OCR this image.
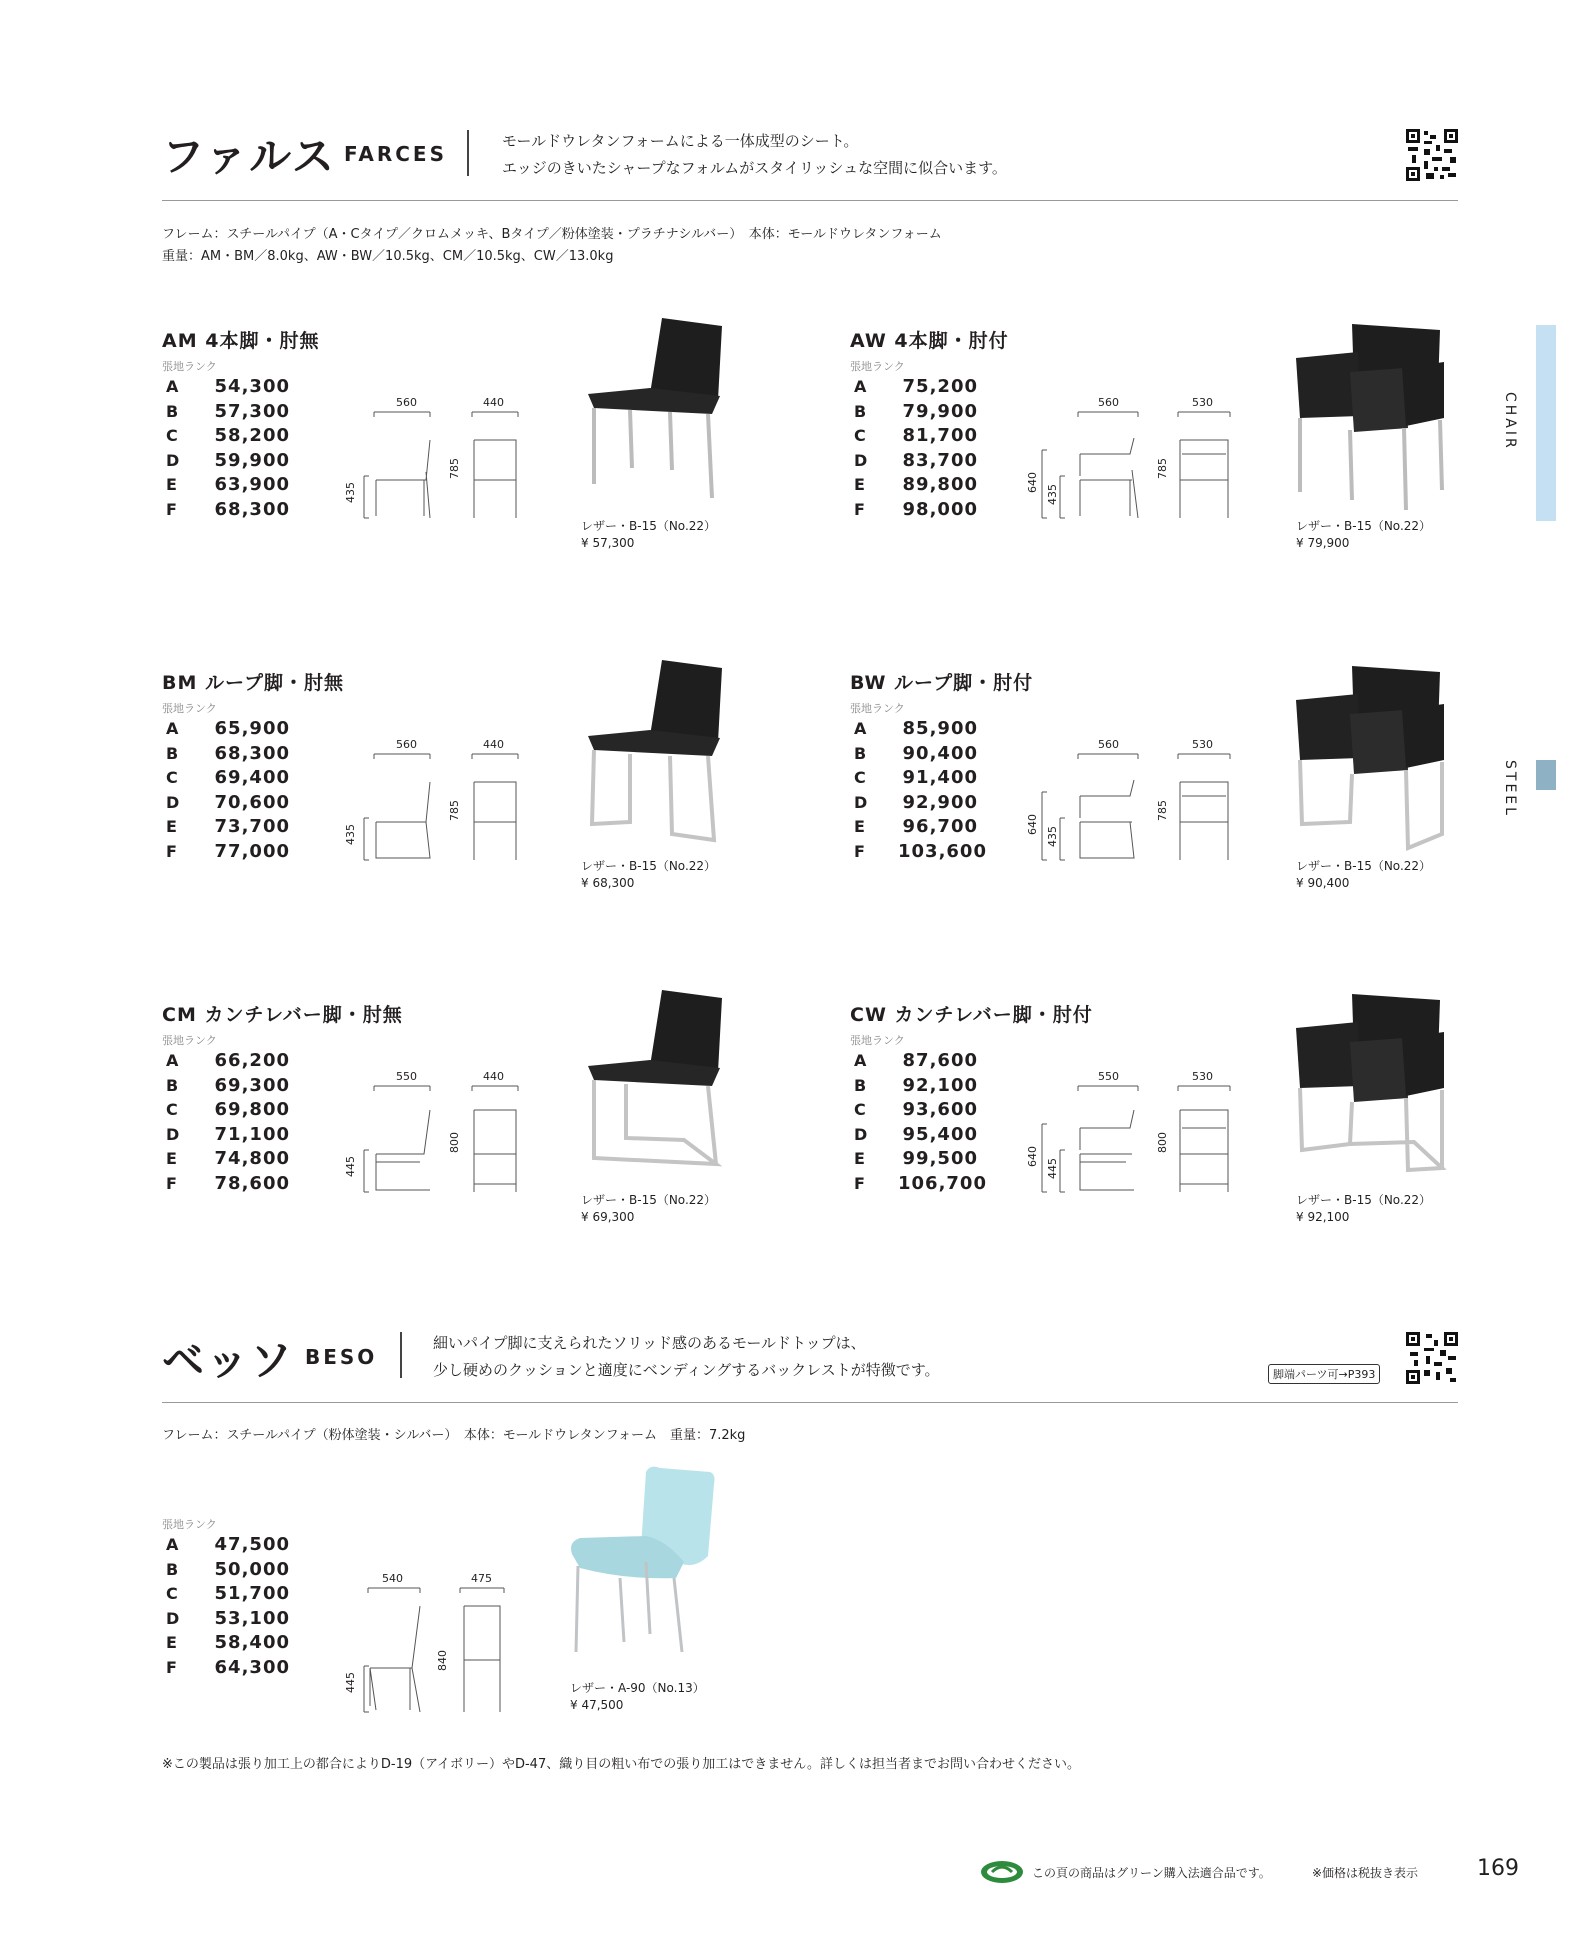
ファルス FARCES
モールドウレタンフォームによる一体成型のシート。
エッジのきいたシャープなフォルムがスタイリッシュな空間に似合います。
フレーム：スチールパイプ（A・Cタイプ／クロムメッキ、Bタイプ／粉体塗装・プラチナシルバー）　本体：モールドウレタンフォーム
重量：AM・BM／8.0kg、AW・BW／10.5kg、CM／10.5kg、CW／13.0kg
AM 4本脚・肘無
張地ランク
A	54,300
B	57,300
C	58,200
D	59,900
E	63,900
F	68,300
560	440
435
785
レザー・B-15（No.22）
¥ 57,300
AW 4本脚・肘付
張地ランク
A	75,200
B	79,900
C	81,700
D	83,700
E	89,800
F	98,000
560	530
640
435
785
レザー・B-15（No.22）
¥ 79,900
BM ループ脚・肘無
張地ランク
A	65,900
B	68,300
C	69,400
D	70,600
E	73,700
F	77,000
560	440
435
785
レザー・B-15（No.22）
¥ 68,300
BW ループ脚・肘付
張地ランク
A	85,900
B	90,400
C	91,400
D	92,900
E	96,700
F	103,600
560	530
640
435
785
レザー・B-15（No.22）
¥ 90,400
CM カンチレバー脚・肘無
張地ランク
A	66,200
B	69,300
C	69,800
D	71,100
E	74,800
F	78,600
550	440
445
800
レザー・B-15（No.22）
¥ 69,300
CW カンチレバー脚・肘付
張地ランク
A	87,600
B	92,100
C	93,600
D	95,400
E	99,500
F	106,700
550	530
640
445
800
レザー・B-15（No.22）
¥ 92,100
CHAIR
STEEL
ベッソ BESO
細いパイプ脚に支えられたソリッド感のあるモールドトップは、
少し硬めのクッションと適度にベンディングするバックレストが特徴です。	脚端パーツ可→P393
フレーム：スチールパイプ（粉体塗装・シルバー）　本体：モールドウレタンフォーム　重量：7.2kg
張地ランク
A	47,500
B	50,000
C	51,700
D	53,100
E	58,400
F	64,300
540	475
445
840
レザー・A-90（No.13）
¥ 47,500
※この製品は張り加工上の都合によりD-19（アイボリー）やD-47、織り目の粗い布での張り加工はできません。詳しくは担当者までお問い合わせください。
この頁の商品はグリーン購入法適合品です。	※価格は税抜き表示	169
